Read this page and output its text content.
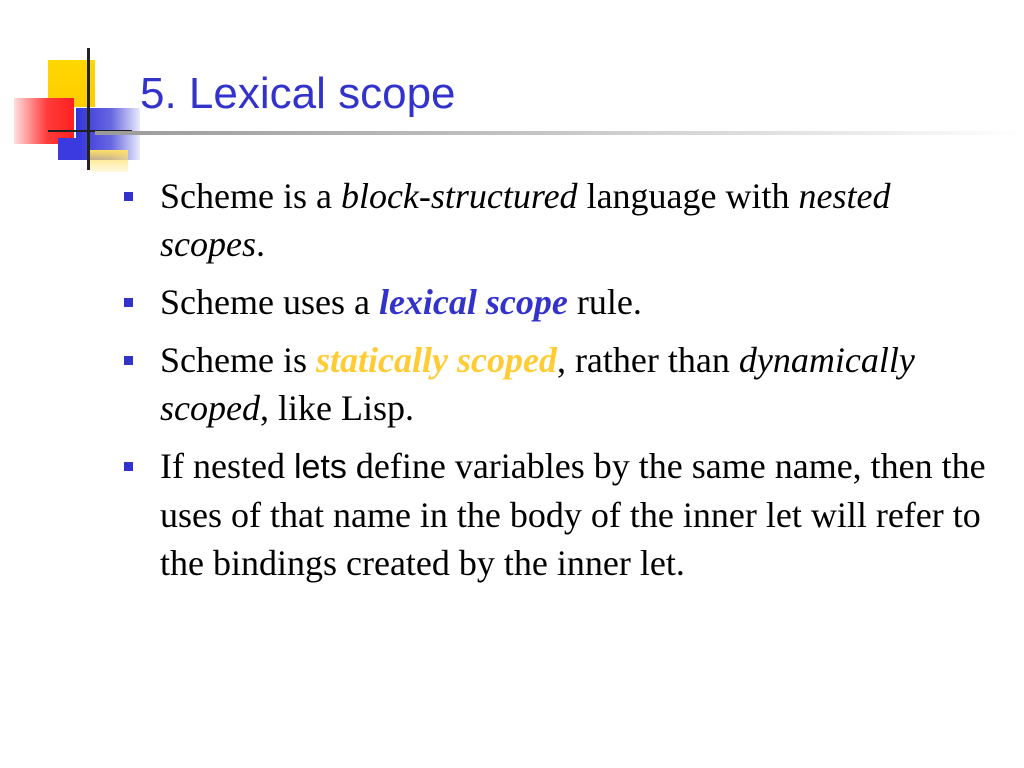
5. Lexical scope
Scheme is a block-structured language with nested scopes.
Scheme uses a lexical scope rule.
Scheme is statically scoped, rather than dynamically scoped, like Lisp.
If nested lets define variables by the same name, then the uses of that name in the body of the inner let will refer to the bindings created by the inner let.
